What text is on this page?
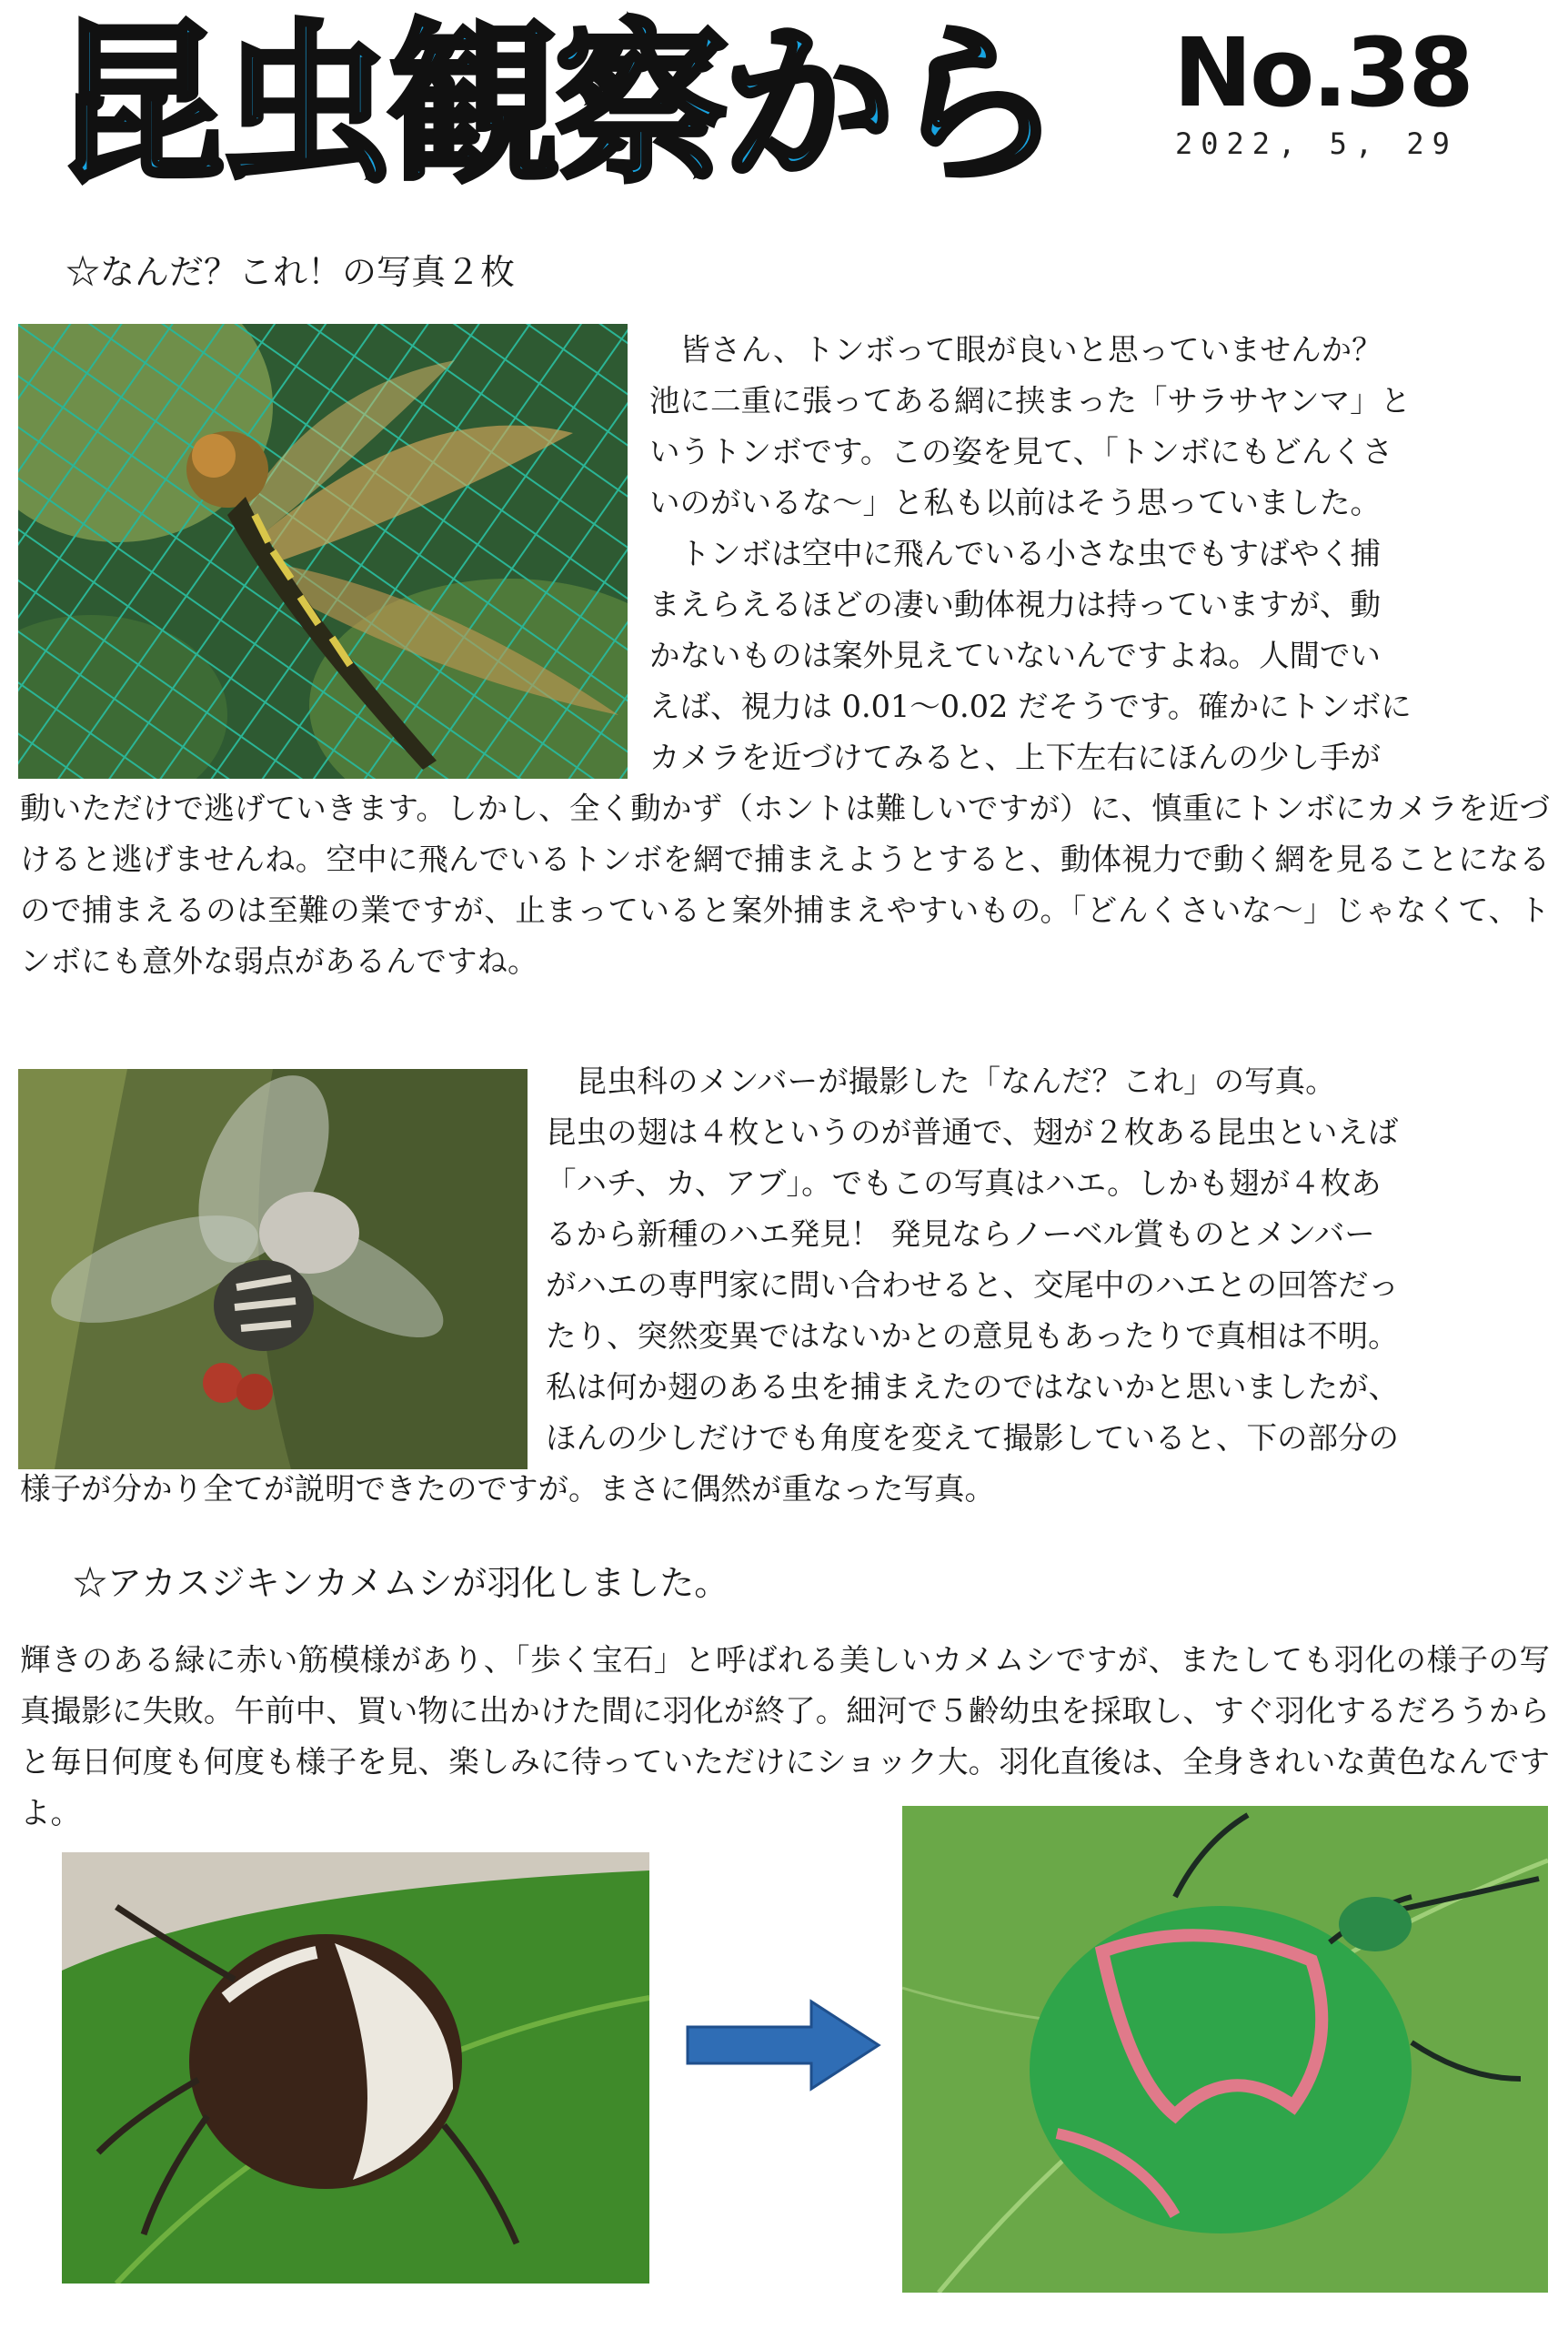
昆虫観察から No.38
2022, 5, 29
☆なんだ？これ！の写真２枚
　皆さん、トンボって眼が良いと思っていませんか？
池に二重に張ってある網に挟まった「サラサヤンマ」と
いうトンボです。この姿を見て、「トンボにもどんくさ
いのがいるな〜」と私も以前はそう思っていました。
　トンボは空中に飛んでいる小さな虫でもすばやく捕
まえらえるほどの凄い動体視力は持っていますが、動
かないものは案外見えていないんですよね。人間でい
えば、視力は 0.01〜0.02 だそうです。確かにトンボに
カメラを近づけてみると、上下左右にほんの少し手が
動いただけで逃げていきます。しかし、全く動かず（ホントは難しいですが）に、慎重にトンボにカメラを近づけると逃げませんね。空中に飛んでいるトンボを網で捕まえようとすると、動体視力で動く網を見ることになるので捕まえるのは至難の業ですが、止まっていると案外捕まえやすいもの。「どんくさいな〜」じゃなくて、トンボにも意外な弱点があるんですね。
　昆虫科のメンバーが撮影した「なんだ？これ」の写真。
昆虫の翅は４枚というのが普通で、翅が２枚ある昆虫といえば
「ハチ、カ、アブ」。でもこの写真はハエ。しかも翅が４枚あ
るから新種のハエ発見！ 発見ならノーベル賞ものとメンバー
がハエの専門家に問い合わせると、交尾中のハエとの回答だっ
たり、突然変異ではないかとの意見もあったりで真相は不明。
私は何か翅のある虫を捕まえたのではないかと思いましたが、
ほんの少しだけでも角度を変えて撮影していると、下の部分の
様子が分かり全てが説明できたのですが。まさに偶然が重なった写真。
☆アカスジキンカメムシが羽化しました。
輝きのある緑に赤い筋模様があり、「歩く宝石」と呼ばれる美しいカメムシですが、またしても羽化の様子の写真撮影に失敗。午前中、買い物に出かけた間に羽化が終了。細河で５齢幼虫を採取し、すぐ羽化するだろうからと毎日何度も何度も様子を見、楽しみに待っていただけにショック大。羽化直後は、全身きれいな黄色なんですよ。
